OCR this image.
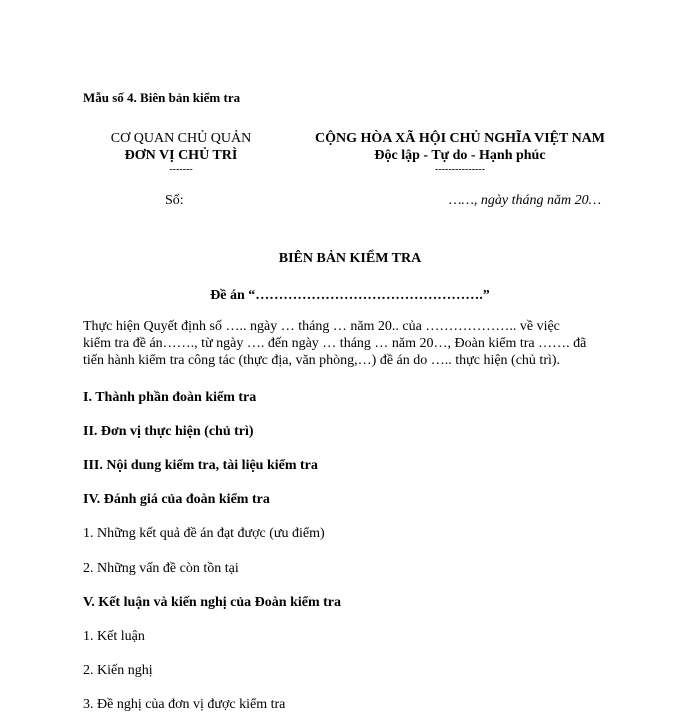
Mẫu số 4. Biên bản kiểm tra
CƠ QUAN CHỦ QUẢN
ĐƠN VỊ CHỦ TRÌ
-------
CỘNG HÒA XÃ HỘI CHỦ NGHĨA VIỆT NAM
Độc lập - Tự do - Hạnh phúc
---------------
Số:	……, ngày tháng năm 20…
BIÊN BẢN KIỂM TRA
Đề án “………………………………………….”
Thực hiện Quyết định số ….. ngày … tháng … năm 20.. của ……………….. về việc
kiểm tra đề án……., từ ngày …. đến ngày … tháng … năm 20…, Đoàn kiểm tra ……. đã
tiến hành kiểm tra công tác (thực địa, văn phòng,…) đề án do ….. thực hiện (chủ trì).
I. Thành phần đoàn kiểm tra
II. Đơn vị thực hiện (chủ trì)
III. Nội dung kiểm tra, tài liệu kiểm tra
IV. Đánh giá của đoàn kiểm tra
1. Những kết quả đề án đạt được (ưu điểm)
2. Những vấn đề còn tồn tại
V. Kết luận và kiến nghị của Đoàn kiểm tra
1. Kết luận
2. Kiến nghị
3. Đề nghị của đơn vị được kiểm tra
